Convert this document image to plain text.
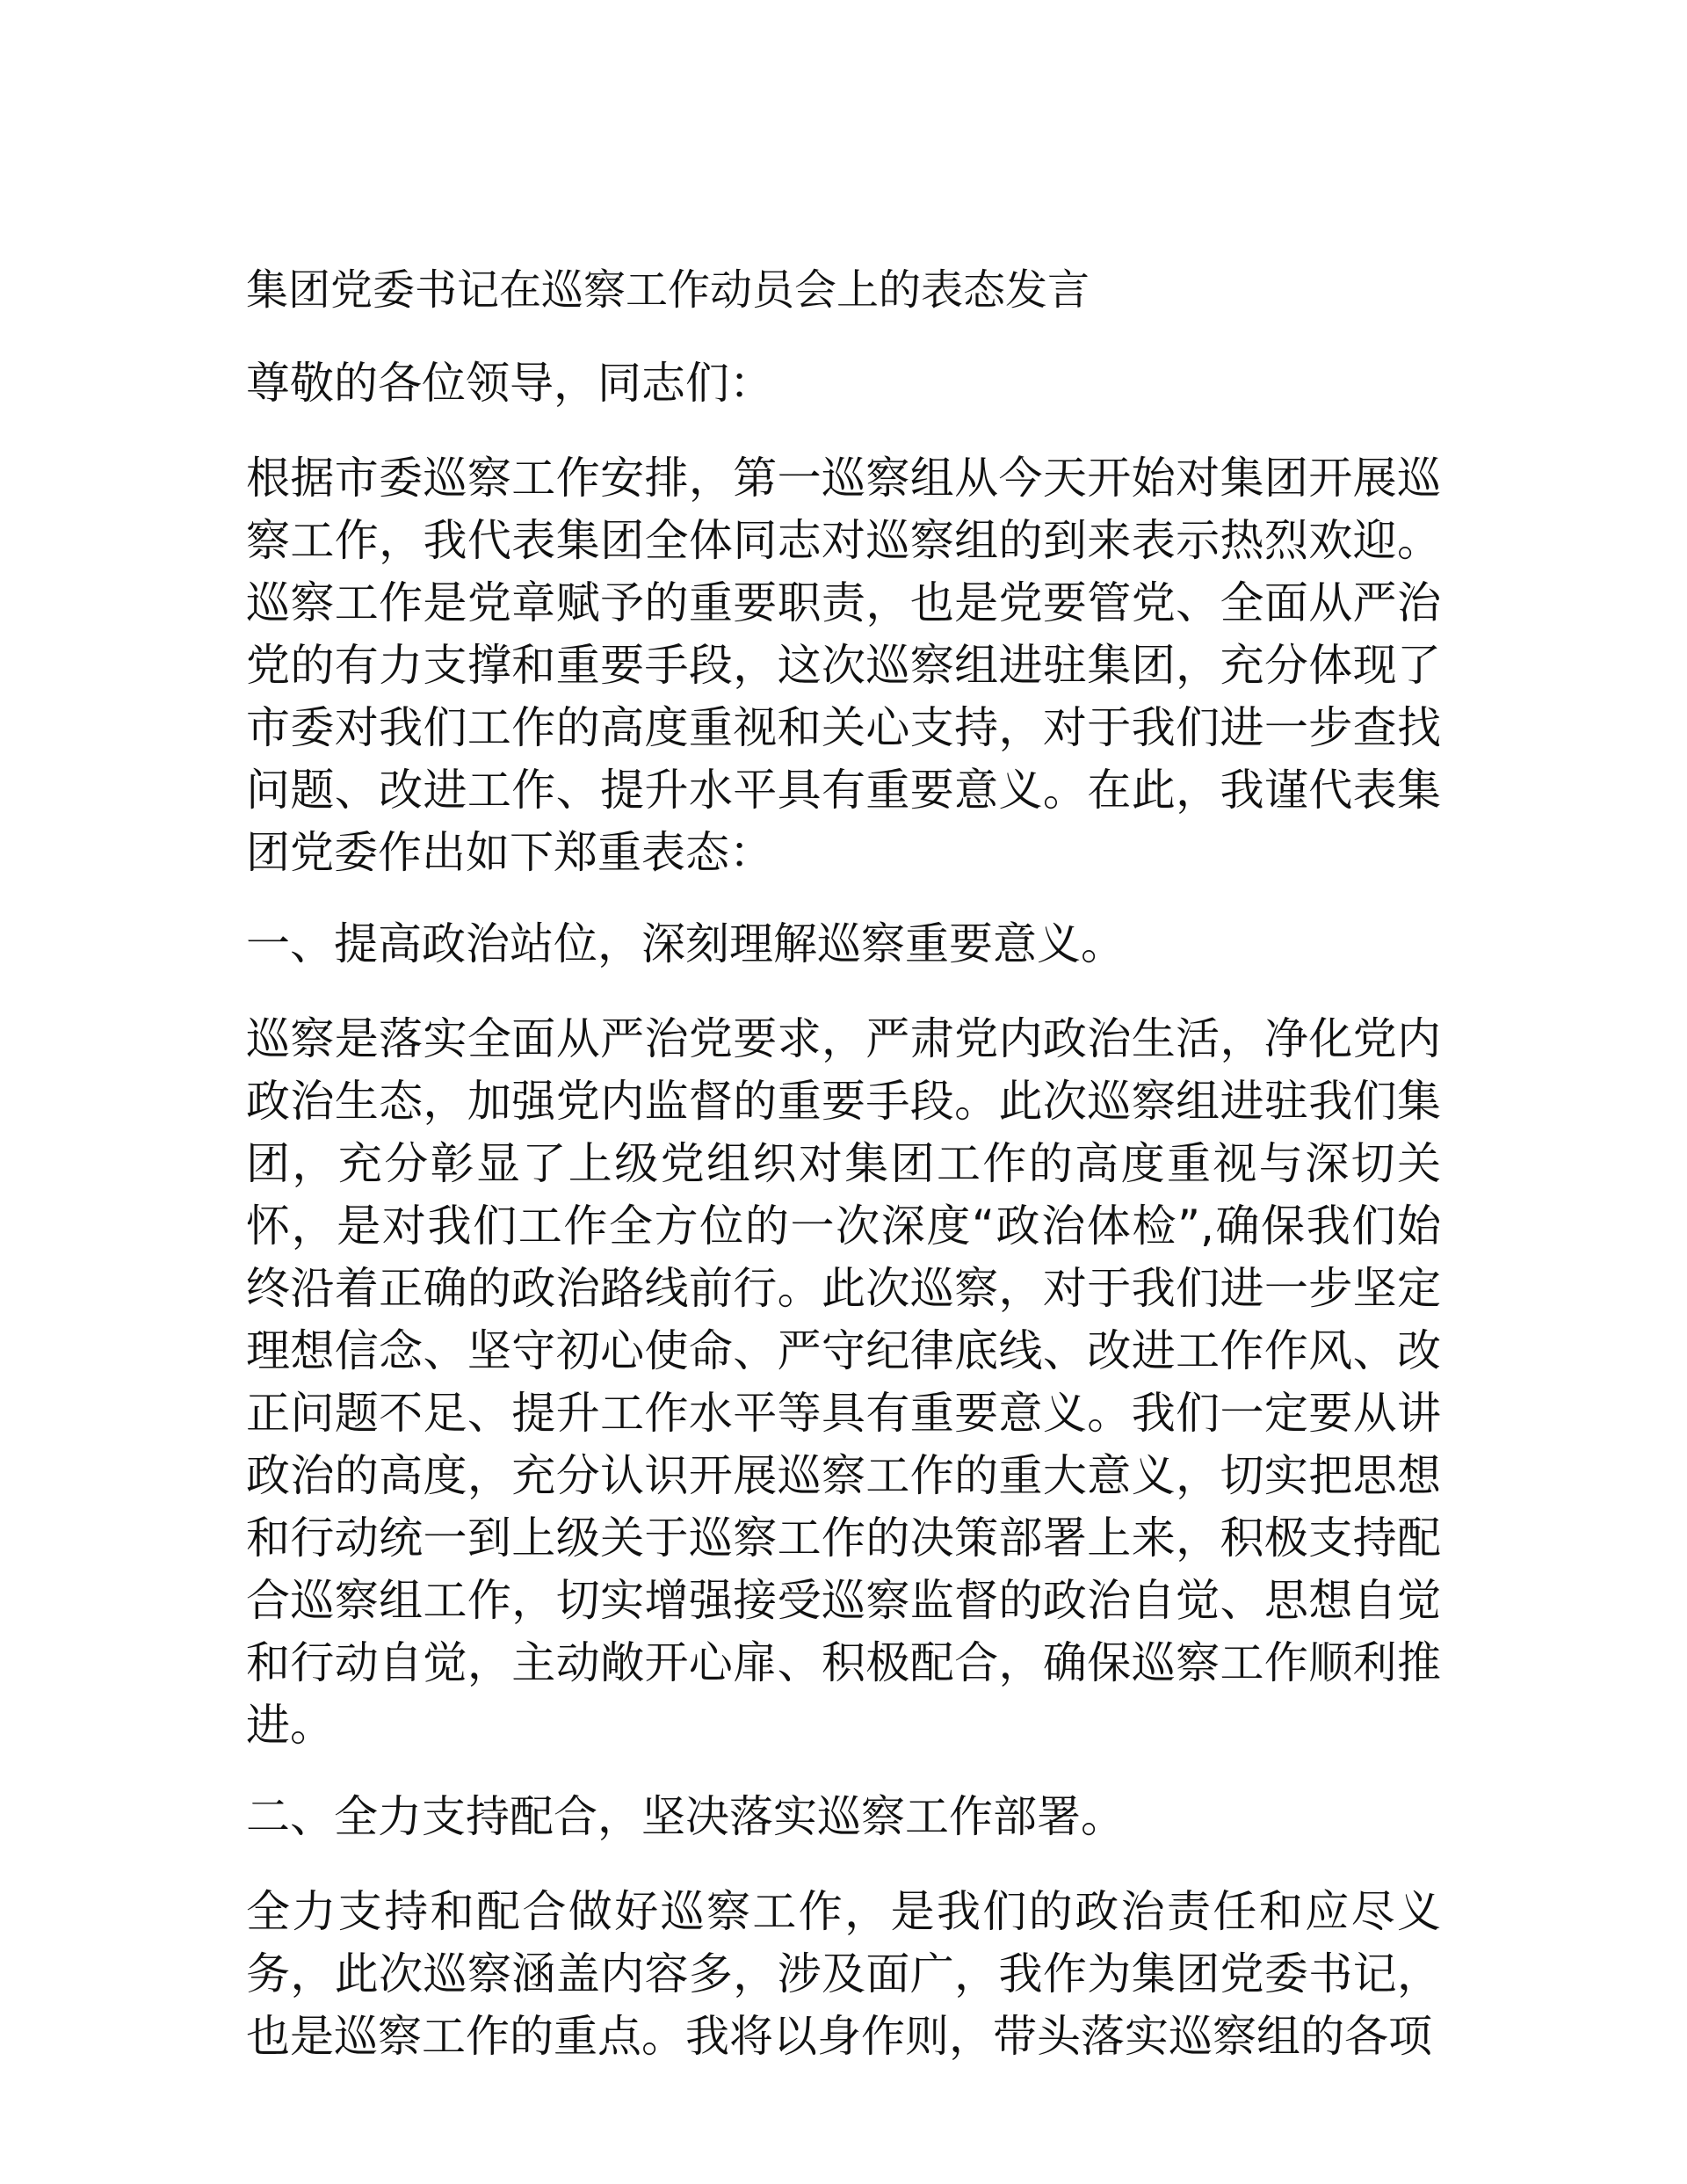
集团党委书记在巡察工作动员会上的表态发言

尊敬的各位领导，同志们：

根据市委巡察工作安排，第一巡察组从今天开始对集团开展巡察工作，我代表集团全体同志对巡察组的到来表示热烈欢迎。巡察工作是党章赋予的重要职责，也是党要管党、全面从严治党的有力支撑和重要手段，这次巡察组进驻集团，充分体现了市委对我们工作的高度重视和关心支持，对于我们进一步查找问题、改进工作、提升水平具有重要意义。在此，我谨代表集团党委作出如下郑重表态：

一、提高政治站位，深刻理解巡察重要意义。

巡察是落实全面从严治党要求，严肃党内政治生活，净化党内政治生态，加强党内监督的重要手段。此次巡察组进驻我们集团，充分彰显了上级党组织对集团工作的高度重视与深切关怀，是对我们工作全方位的一次深度“政治体检”,确保我们始终沿着正确的政治路线前行。此次巡察，对于我们进一步坚定理想信念、坚守初心使命、严守纪律底线、改进工作作风、改正问题不足、提升工作水平等具有重要意义。我们一定要从讲政治的高度，充分认识开展巡察工作的重大意义，切实把思想和行动统一到上级关于巡察工作的决策部署上来，积极支持配合巡察组工作，切实增强接受巡察监督的政治自觉、思想自觉和行动自觉，主动敞开心扉、积极配合，确保巡察工作顺利推进。

二、全力支持配合，坚决落实巡察工作部署。

全力支持和配合做好巡察工作，是我们的政治责任和应尽义务，此次巡察涵盖内容多，涉及面广，我作为集团党委书记，也是巡察工作的重点。我将以身作则，带头落实巡察组的各项
